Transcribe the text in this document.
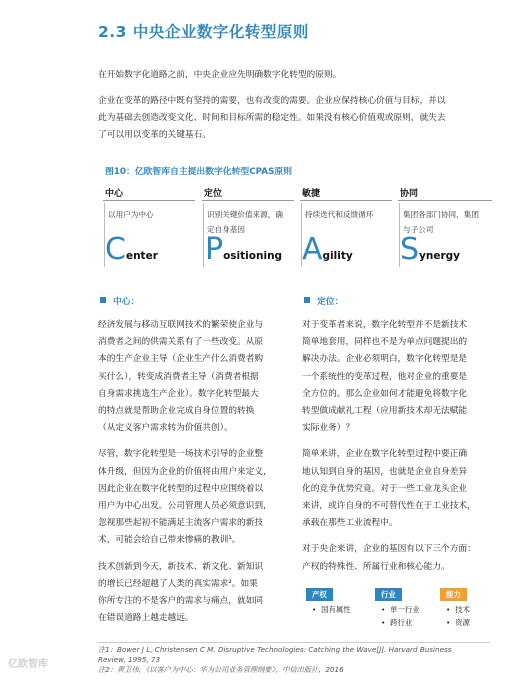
2.3 中央企业数字化转型原则
在开始数字化道路之前，中央企业应先明确数字化转型的原则。
企业在变革的路径中既有坚持的需要，也有改变的需要。企业应保持核心价值与目标，并以
此为基础去创造改变文化、时间和目标所需的稳定性。如果没有核心价值观或原则，就失去
了可以用以变革的关键基石。
图10：亿欧智库自主提出数字化转型CPAS原则
中心
以用户为中心
Center
定位
识别关键价值来源，确
定自身基因
Positioning
敏捷
持续迭代和反馈循环
Agility
协同
集团各部门协同，集团
与子公司
Synergy
中心：
经济发展与移动互联网技术的繁荣使企业与
消费者之间的供需关系有了一些改变。从原
本的生产企业主导（企业生产什么消费者购
买什么），转变成消费者主导（消费者根据
自身需求挑选生产企业）。数字化转型最大
的特点就是帮助企业完成自身位置的转换
（从定义客户需求转为价值共创）。
尽管，数字化转型是一场技术引导的企业整
体升级，但因为企业的价值将由用户来定义，
因此企业在数字化转型的过程中应围绕着以
用户为中心出发。公司管理人员必须意识到，
忽视那些起初不能满足主流客户需求的新技
术，可能会给自己带来惨痛的教训¹。
技术创新到今天，新技术、新文化、新知识
的增长已经超越了人类的真实需求²。如果
你所专注的不是客户的需求与痛点，就如同
在错误道路上越走越远。
定位：
对于变革者来说，数字化转型并不是新技术
简单地套用，同样也不是为单点问题提出的
解决办法。企业必须明白，数字化转型是是
一个系统性的变革过程，他对企业的重要是
全方位的。那么企业如何才能避免将数字化
转型做成献礼工程（应用新技术却无法赋能
实际业务）？
简单来讲，企业在数字化转型过程中要正确
地认知到自身的基因，也就是企业自身差异
化的竞争优势究竟。对于一些工业龙头企业
来讲，或许自身的不可替代性在于工业技术，
承载在那些工业流程中。
对于央企来讲，企业的基因有以下三个方面：
产权的特殊性、所属行业和核心能力。
产权
•  国有属性
行业
•  单一行业
•  跨行业
能力
•  技术
•  资源
注1：Bower J L, Christensen C M. Disruptive Technologies: Catching the Wave[J]. Harvard Business
Review, 1995, 73
注2：黄卫伟，《以客户为中心：华为公司业务管理纲要》，中信出版社，2016
亿欧智库
